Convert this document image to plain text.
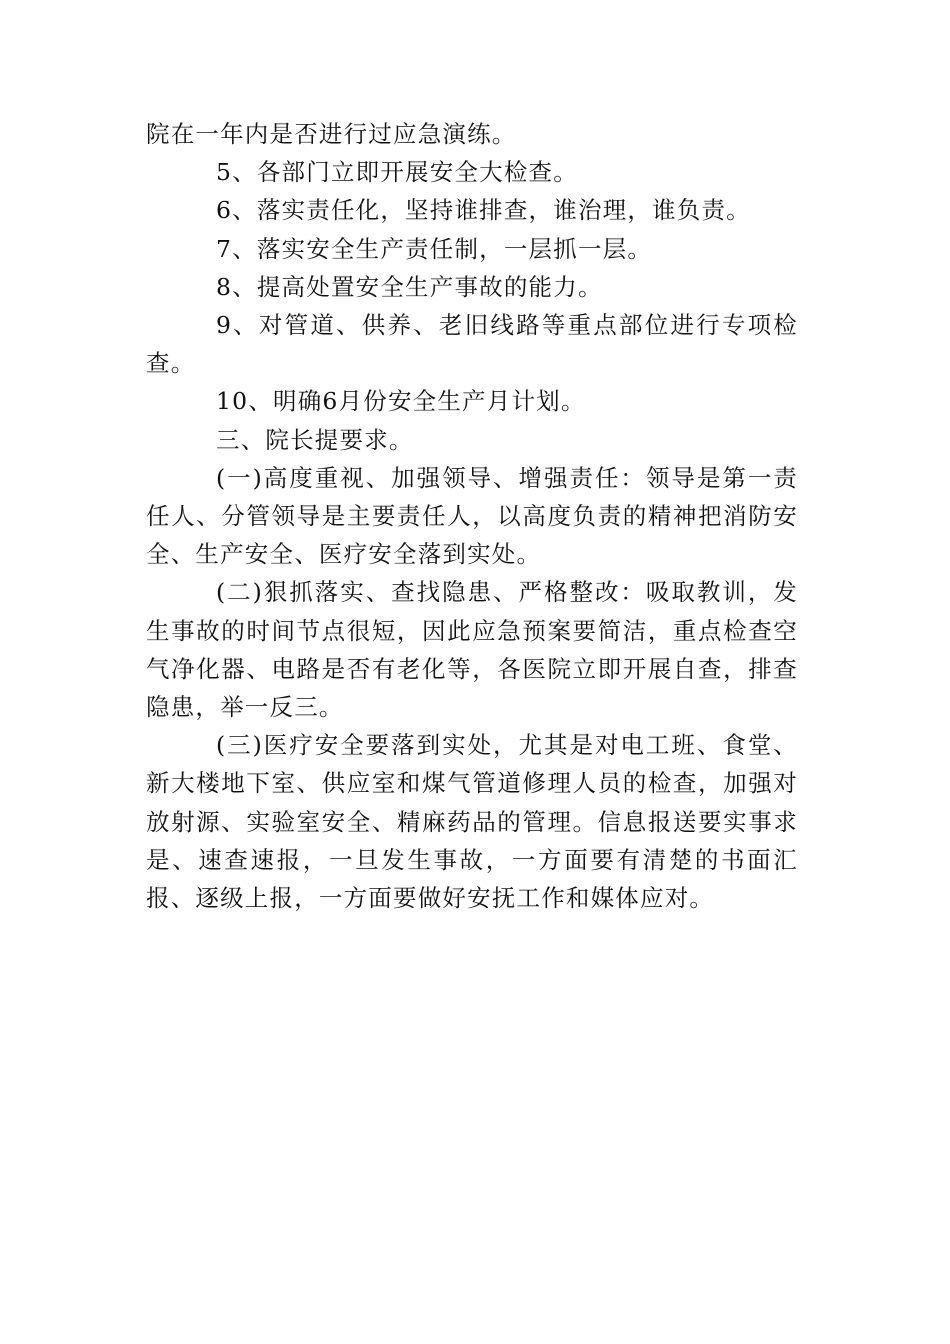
院在一年内是否进行过应急演练。

5、各部门立即开展安全大检查。

6、落实责任化，坚持谁排查，谁治理，谁负责。

7、落实安全生产责任制，一层抓一层。

8、提高处置安全生产事故的能力。

9、对管道、供养、老旧线路等重点部位进行专项检查。

10、明确6月份安全生产月计划。

三、院长提要求。

(一)高度重视、加强领导、增强责任：领导是第一责任人、分管领导是主要责任人，以高度负责的精神把消防安全、生产安全、医疗安全落到实处。

(二)狠抓落实、查找隐患、严格整改：吸取教训，发生事故的时间节点很短，因此应急预案要简洁，重点检查空气净化器、电路是否有老化等，各医院立即开展自查，排查隐患，举一反三。

(三)医疗安全要落到实处，尤其是对电工班、食堂、新大楼地下室、供应室和煤气管道修理人员的检查，加强对放射源、实验室安全、精麻药品的管理。信息报送要实事求是、速查速报，一旦发生事故，一方面要有清楚的书面汇报、逐级上报，一方面要做好安抚工作和媒体应对。
